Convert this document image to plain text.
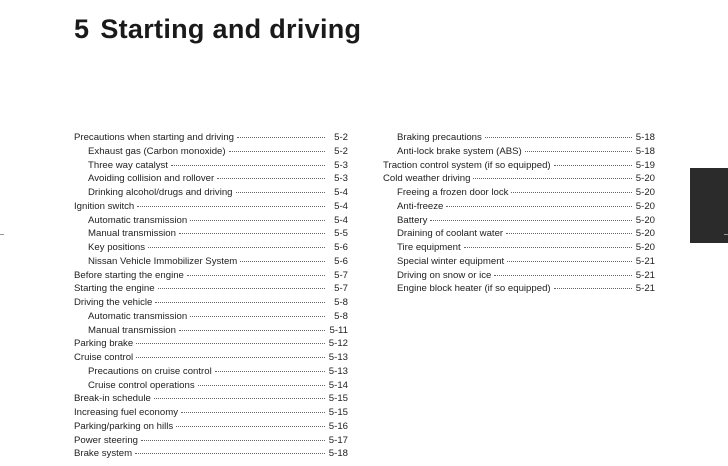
5 Starting and driving
Precautions when starting and driving	5-2
Exhaust gas (Carbon monoxide)	5-2
Three way catalyst	5-3
Avoiding collision and rollover	5-3
Drinking alcohol/drugs and driving	5-4
Ignition switch	5-4
Automatic transmission	5-4
Manual transmission	5-5
Key positions	5-6
Nissan Vehicle Immobilizer System	5-6
Before starting the engine	5-7
Starting the engine	5-7
Driving the vehicle	5-8
Automatic transmission	5-8
Manual transmission	5-11
Parking brake	5-12
Cruise control	5-13
Precautions on cruise control	5-13
Cruise control operations	5-14
Break-in schedule	5-15
Increasing fuel economy	5-15
Parking/parking on hills	5-16
Power steering	5-17
Brake system	5-18
Braking precautions	5-18
Anti-lock brake system (ABS)	5-18
Traction control system (if so equipped)	5-19
Cold weather driving	5-20
Freeing a frozen door lock	5-20
Anti-freeze	5-20
Battery	5-20
Draining of coolant water	5-20
Tire equipment	5-20
Special winter equipment	5-21
Driving on snow or ice	5-21
Engine block heater (if so equipped)	5-21
